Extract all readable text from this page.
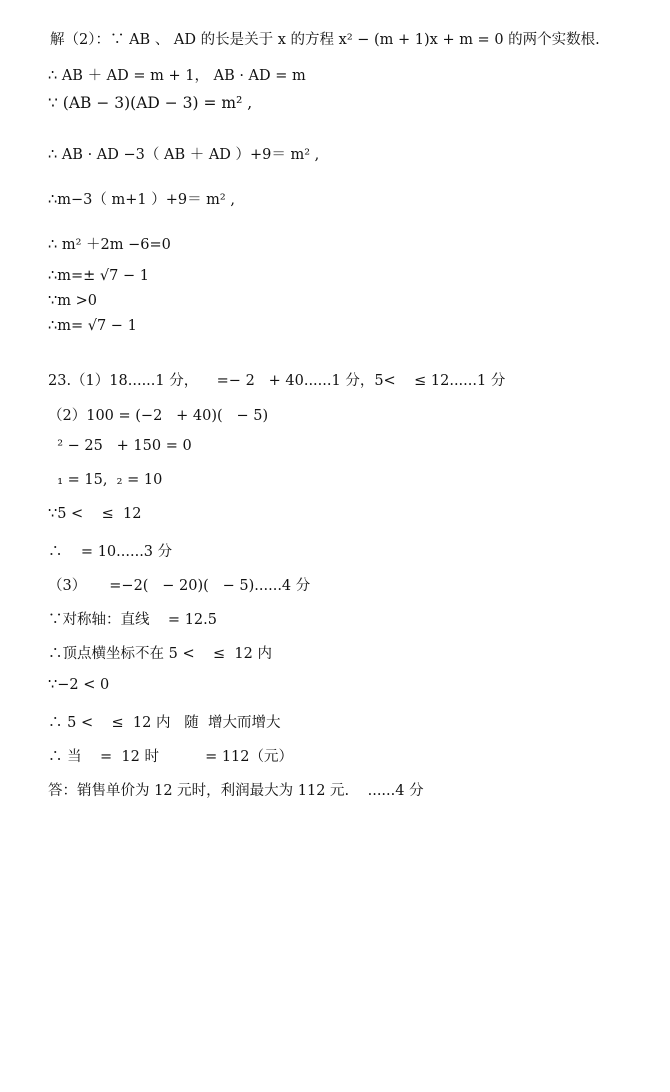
解（2）：∵ AB 、 AD 的长是关于 x 的方程 x² − (m + 1)x + m = 0 的两个实数根.
∴ AB ＋ AD = m + 1， AB · AD = m
∵ (AB − 3)(AD − 3) = m² ,
∴ AB · AD −3（ AB ＋ AD ）+9＝ m² ,
∴m−3（ m+1 ）+9＝ m² ,
∴ m² ＋2m −6=0
∴m=± √7 − 1
∵m >0
∴m= √7 − 1
23.（1）18......1 分，    =− 2   + 40......1 分，5<    ≤ 12......1 分
（2）100 = (−2   + 40)(   − 5)
² − 25   + 150 = 0
₁ = 15,  ₂ = 10
∵5 <    ≤  12
∴    = 10......3 分
（3）     =−2(   − 20)(   − 5)......4 分
∵对称轴：直线    = 12.5
∴顶点横坐标不在 5 <    ≤  12 内
∵−2 < 0
∴ 5 <    ≤  12 内   随  增大而增大
∴ 当    =  12 时          = 112（元）
答：销售单价为 12 元时，利润最大为 112 元.    ......4 分
